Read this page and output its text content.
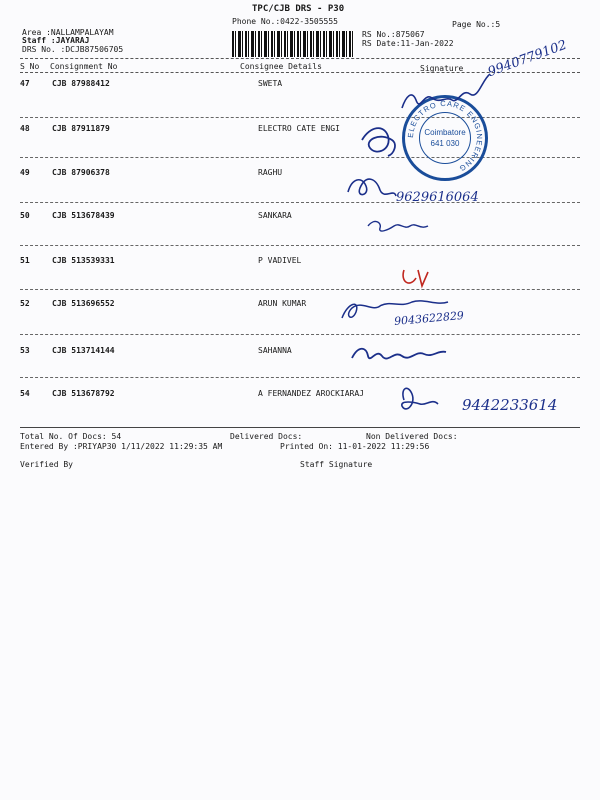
TPC/CJB DRS - P30
Phone No.:0422-3505555	Page No.:5
Area :NALLAMPALAYAM
Staff :JAYARAJ
DRS No. :DCJB87506705
RS No.:875067
RS Date:11-Jan-2022
S No Consignment No	Consignee Details	Signature
47	CJB 87988412	SWETA
48	CJB 87911879	ELECTRO CATE ENGI
49	CJB 87906378	RAGHU
50	CJB 513678439	SANKARA
51	CJB 513539331	P VADIVEL
52	CJB 513696552	ARUN KUMAR
53	CJB 513714144	SAHANNA
54	CJB 513678792	A FERNANDEZ AROCKIARAJ
Total No. Of Docs: 54	Delivered Docs:	Non Delivered Docs:
Entered By :PRIYAP30 1/11/2022 11:29:35 AM	Printed On: 11-01-2022 11:29:56
Verified By	Staff Signature
ELECTRO CARE ENGINEERING
Coimbatore
641 030
9940779102
9629616064
9043622829
9442233614
